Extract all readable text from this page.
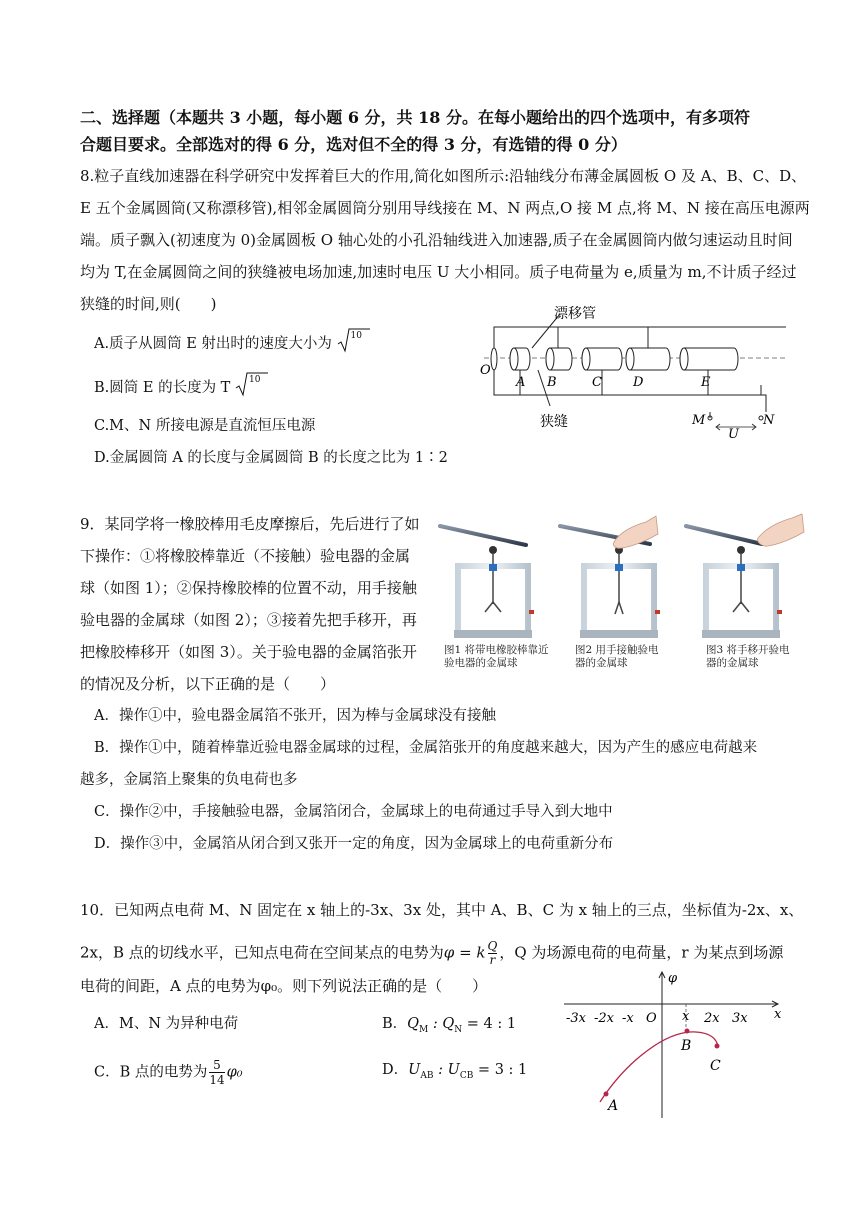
二、选择题（本题共 3 小题，每小题 6 分，共 18 分。在每小题给出的四个选项中，有多项符
合题目要求。全部选对的得 6 分，选对但不全的得 3 分，有选错的得 0 分）
8.粒子直线加速器在科学研究中发挥着巨大的作用,简化如图所示:沿轴线分布薄金属圆板 O 及 A、B、C、D、
E 五个金属圆筒(又称漂移管),相邻金属圆筒分别用导线接在 M、N 两点,O 接 M 点,将 M、N 接在高压电源两
端。质子飘入(初速度为 0)金属圆板 O 轴心处的小孔沿轴线进入加速器,质子在金属圆筒内做匀速运动且时间
均为 T,在金属圆筒之间的狭缝被电场加速,加速时电压 U 大小相同。质子电荷量为 e,质量为 m,不计质子经过
狭缝的时间,则(　　)
A.质子从圆筒 E 射出时的速度大小为 10
B.圆筒 E 的长度为 T 10
C.M、N 所接电源是直流恒压电源
D.金属圆筒 A 的长度与金属圆筒 B 的长度之比为 1∶2
O
A B	C D	E
漂移管
狭缝	M	N
U
9．某同学将一橡胶棒用毛皮摩擦后，先后进行了如
下操作：①将橡胶棒靠近（不接触）验电器的金属
球（如图 1）；②保持橡胶棒的位置不动，用手接触
验电器的金属球（如图 2）；③接着先把手移开，再
把橡胶棒移开（如图 3）。关于验电器的金属箔张开
的情况及分析，以下正确的是（　　）
A．操作①中，验电器金属箔不张开，因为棒与金属球没有接触
B．操作①中，随着棒靠近验电器金属球的过程，金属箔张开的角度越来越大，因为产生的感应电荷越来
越多，金属箔上聚集的负电荷也多
C．操作②中，手接触验电器，金属箔闭合，金属球上的电荷通过手导入到大地中
D．操作③中，金属箔从闭合到又张开一定的角度，因为金属球上的电荷重新分布
图1 将带电橡胶棒靠近
验电器的金属球
图2 用手接触验电
器的金属球
图3 将手移开验电
器的金属球
10．已知两点电荷 M、N 固定在 x 轴上的-3x、3x 处，其中 A、B、C 为 x 轴上的三点，坐标值为-2x、x、
2x，B 点的切线水平，已知点电荷在空间某点的电势为φ = k $\frac{Q}{r}$ ，Q 为场源电荷的电荷量，r 为某点到场源
电荷的间距，A 点的电势为φ₀。则下列说法正确的是（　　）
A．M、N 为异种电荷	B．$Q_M$ : $Q_N = 4$ : 1
C．B 点的电势为 $\frac{5}{14} \varphi_0$	D．$U_{AB}$ : $U_{CB} = 3$ : 1
φ
x
O
-3x -2x -x	x 2x 3x
A
B
C
